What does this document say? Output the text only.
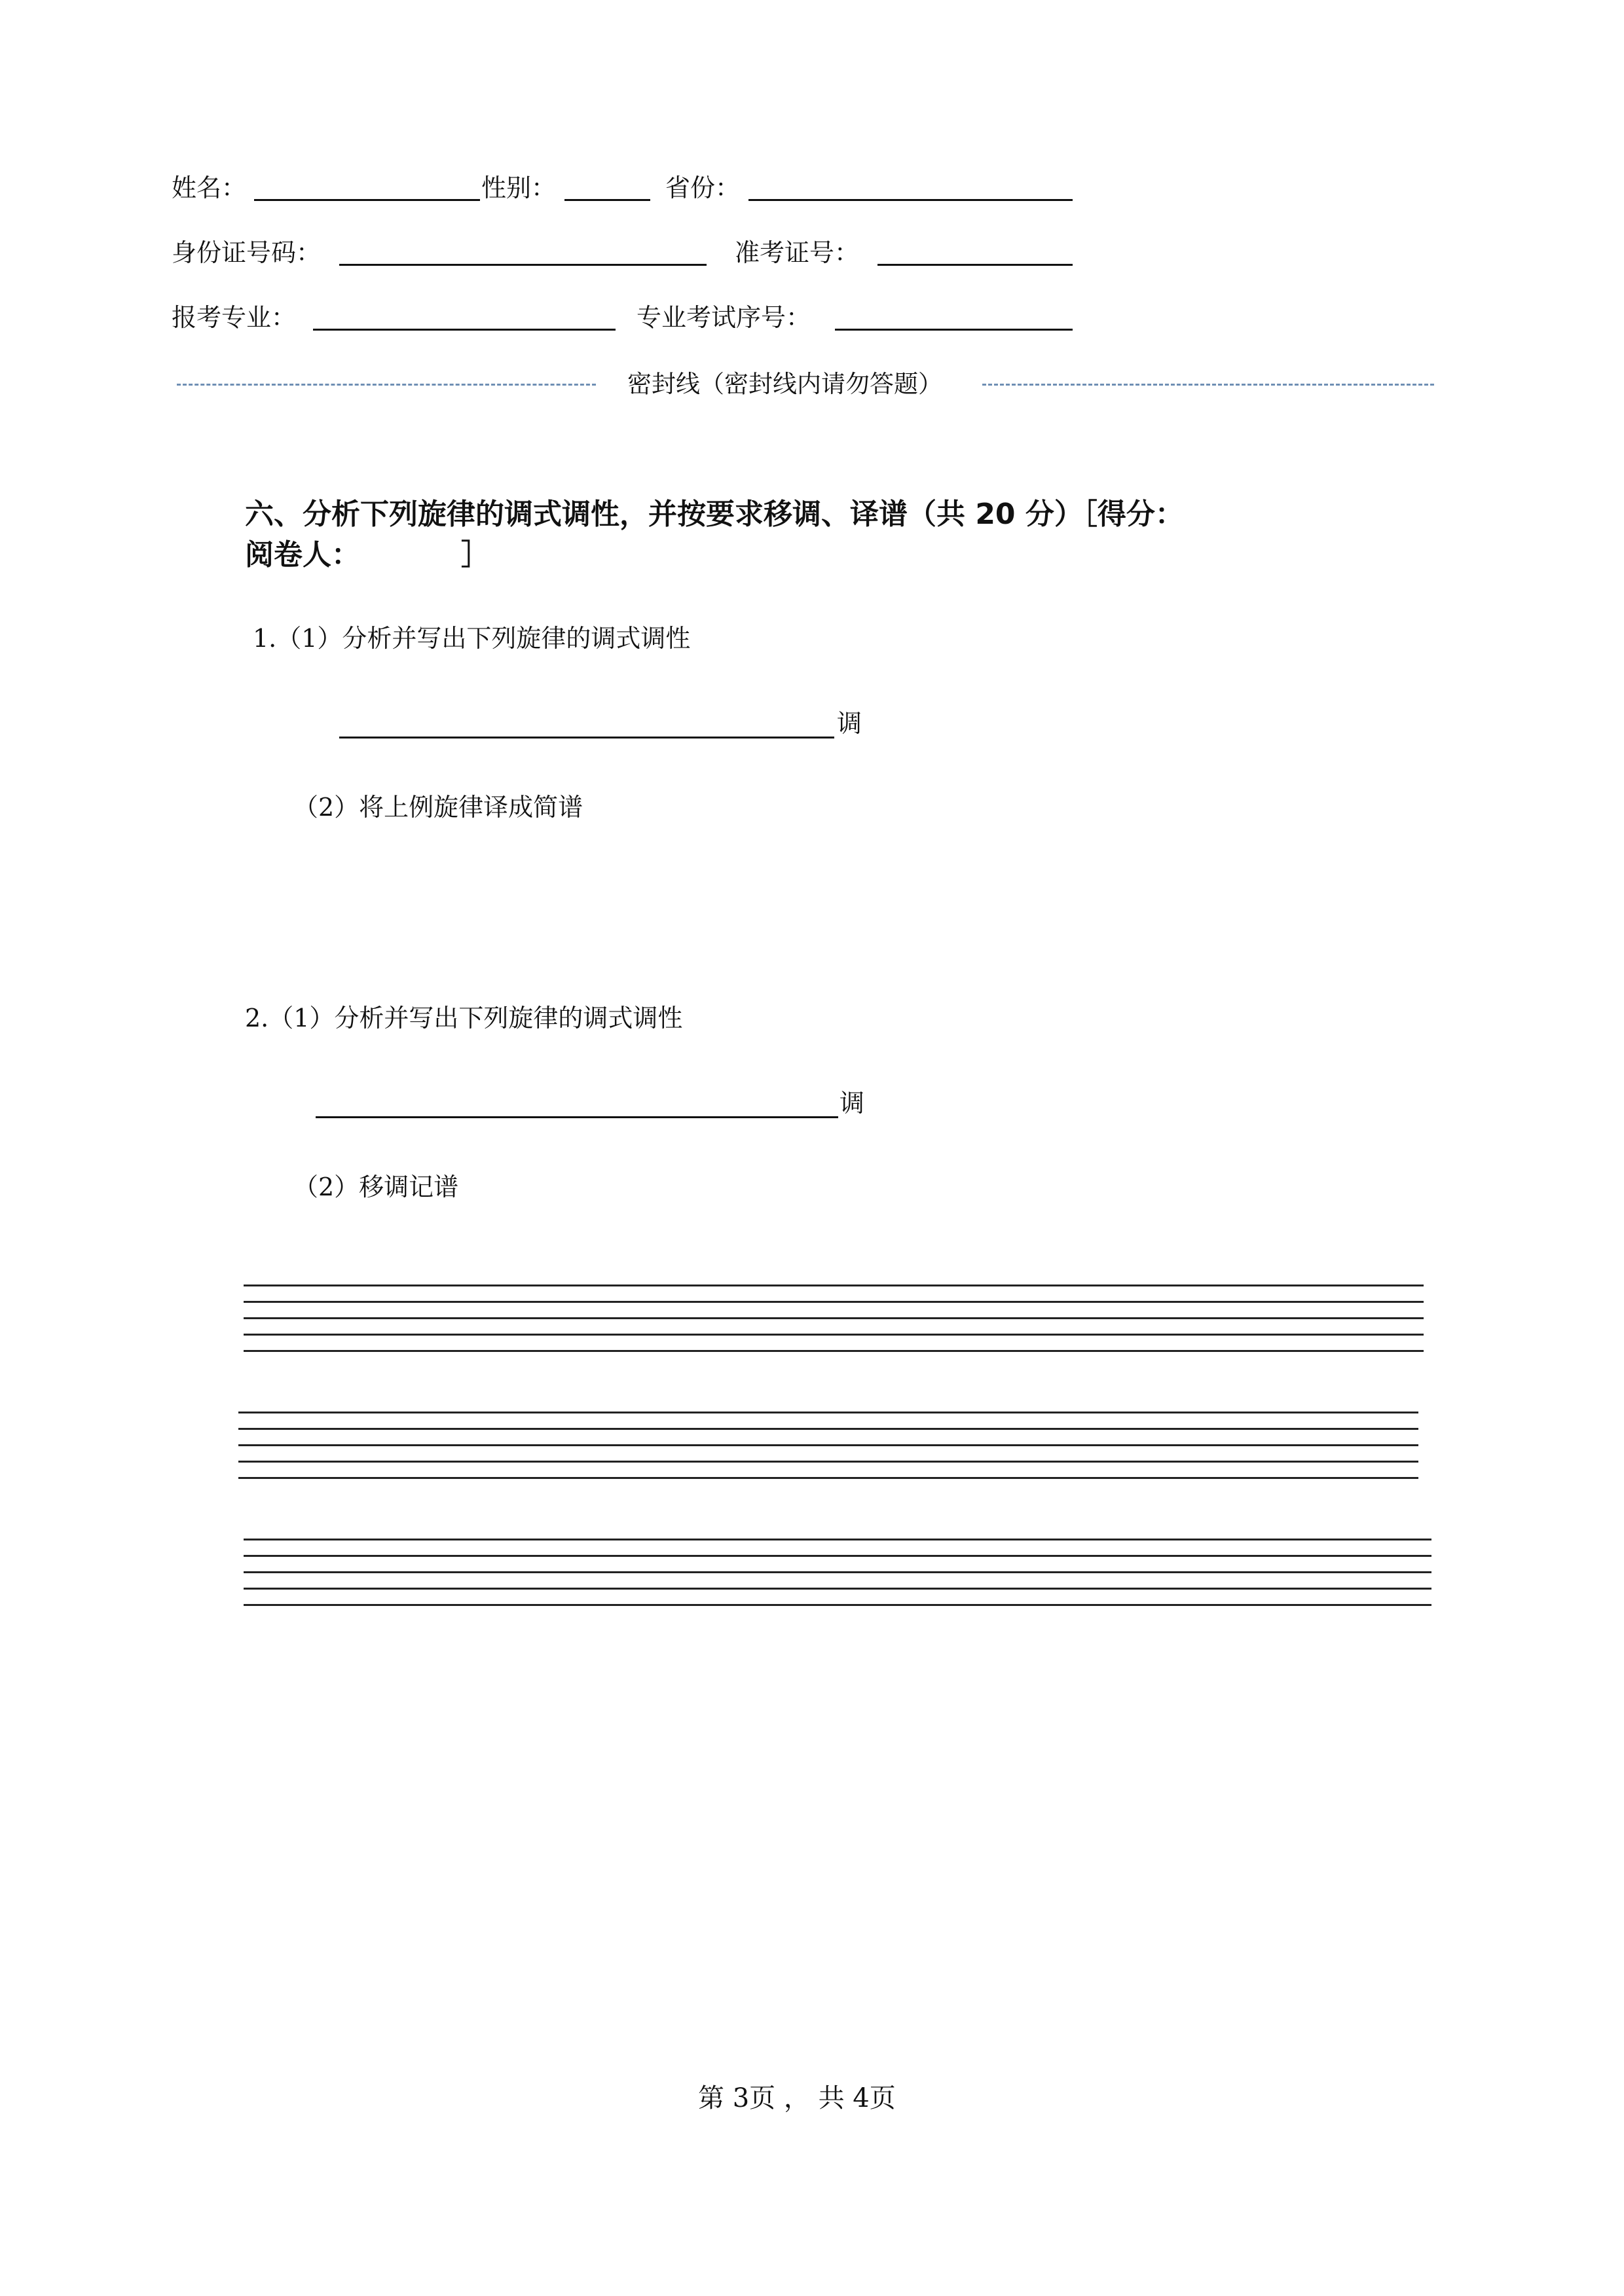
姓名：	性别：	省份：
身份证号码：	准考证号：
报考专业：	专业考试序号：
密封线（密封线内请勿答题）
六、分析下列旋律的调式调性，并按要求移调、译谱（共 20 分）［得分：
阅卷人：　　　　］
1.（1）分析并写出下列旋律的调式调性
调
（2）将上例旋律译成简谱
2.（1）分析并写出下列旋律的调式调性
调
（2）移调记谱
第 3页 ， 共 4页
